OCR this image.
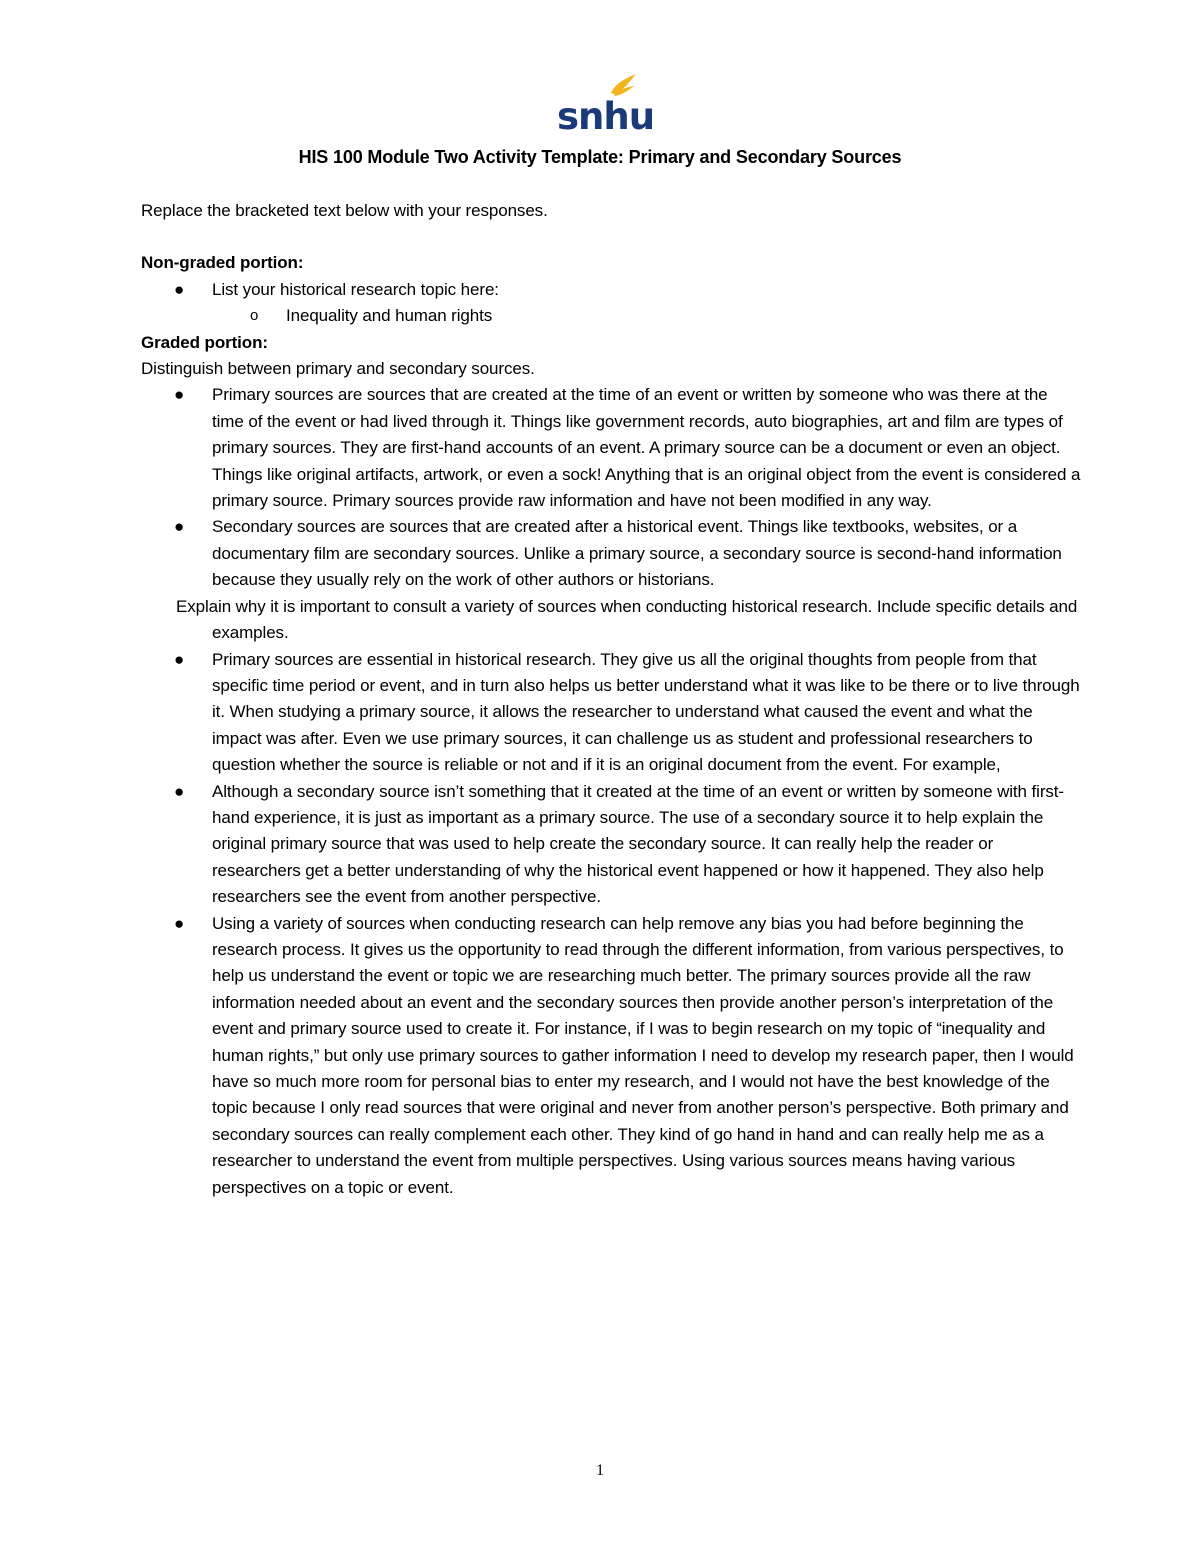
snhu
HIS 100 Module Two Activity Template: Primary and Secondary Sources

Replace the bracketed text below with your responses.

Non-graded portion:

●	List your historical research topic here:
o	Inequality and human rights

Graded portion:

Distinguish between primary and secondary sources.

●	Primary sources are sources that are created at the time of an event or written by someone who was there at the time of the event or had lived through it. Things like government records, auto biographies, art and film are types of primary sources. They are first-hand accounts of an event. A primary source can be a document or even an object. Things like original artifacts, artwork, or even a sock! Anything that is an original object from the event is considered a primary source. Primary sources provide raw information and have not been modified in any way.
●	Secondary sources are sources that are created after a historical event. Things like textbooks, websites, or a documentary film are secondary sources. Unlike a primary source, a secondary source is second-hand information because they usually rely on the work of other authors or historians.

Explain why it is important to consult a variety of sources when conducting historical research. Include specific details and examples.

●	Primary sources are essential in historical research. They give us all the original thoughts from people from that specific time period or event, and in turn also helps us better understand what it was like to be there or to live through it. When studying a primary source, it allows the researcher to understand what caused the event and what the impact was after. Even we use primary sources, it can challenge us as student and professional researchers to question whether the source is reliable or not and if it is an original document from the event. For example,
●	Although a secondary source isn’t something that it created at the time of an event or written by someone with first-hand experience, it is just as important as a primary source. The use of a secondary source it to help explain the original primary source that was used to help create the secondary source. It can really help the reader or researchers get a better understanding of why the historical event happened or how it happened. They also help researchers see the event from another perspective.
●	Using a variety of sources when conducting research can help remove any bias you had before beginning the research process. It gives us the opportunity to read through the different information, from various perspectives, to help us understand the event or topic we are researching much better. The primary sources provide all the raw information needed about an event and the secondary sources then provide another person’s interpretation of the event and primary source used to create it. For instance, if I was to begin research on my topic of “inequality and human rights,” but only use primary sources to gather information I need to develop my research paper, then I would have so much more room for personal bias to enter my research, and I would not have the best knowledge of the topic because I only read sources that were original and never from another person’s perspective. Both primary and secondary sources can really complement each other. They kind of go hand in hand and can really help me as a researcher to understand the event from multiple perspectives. Using various sources means having various perspectives on a topic or event.
1
